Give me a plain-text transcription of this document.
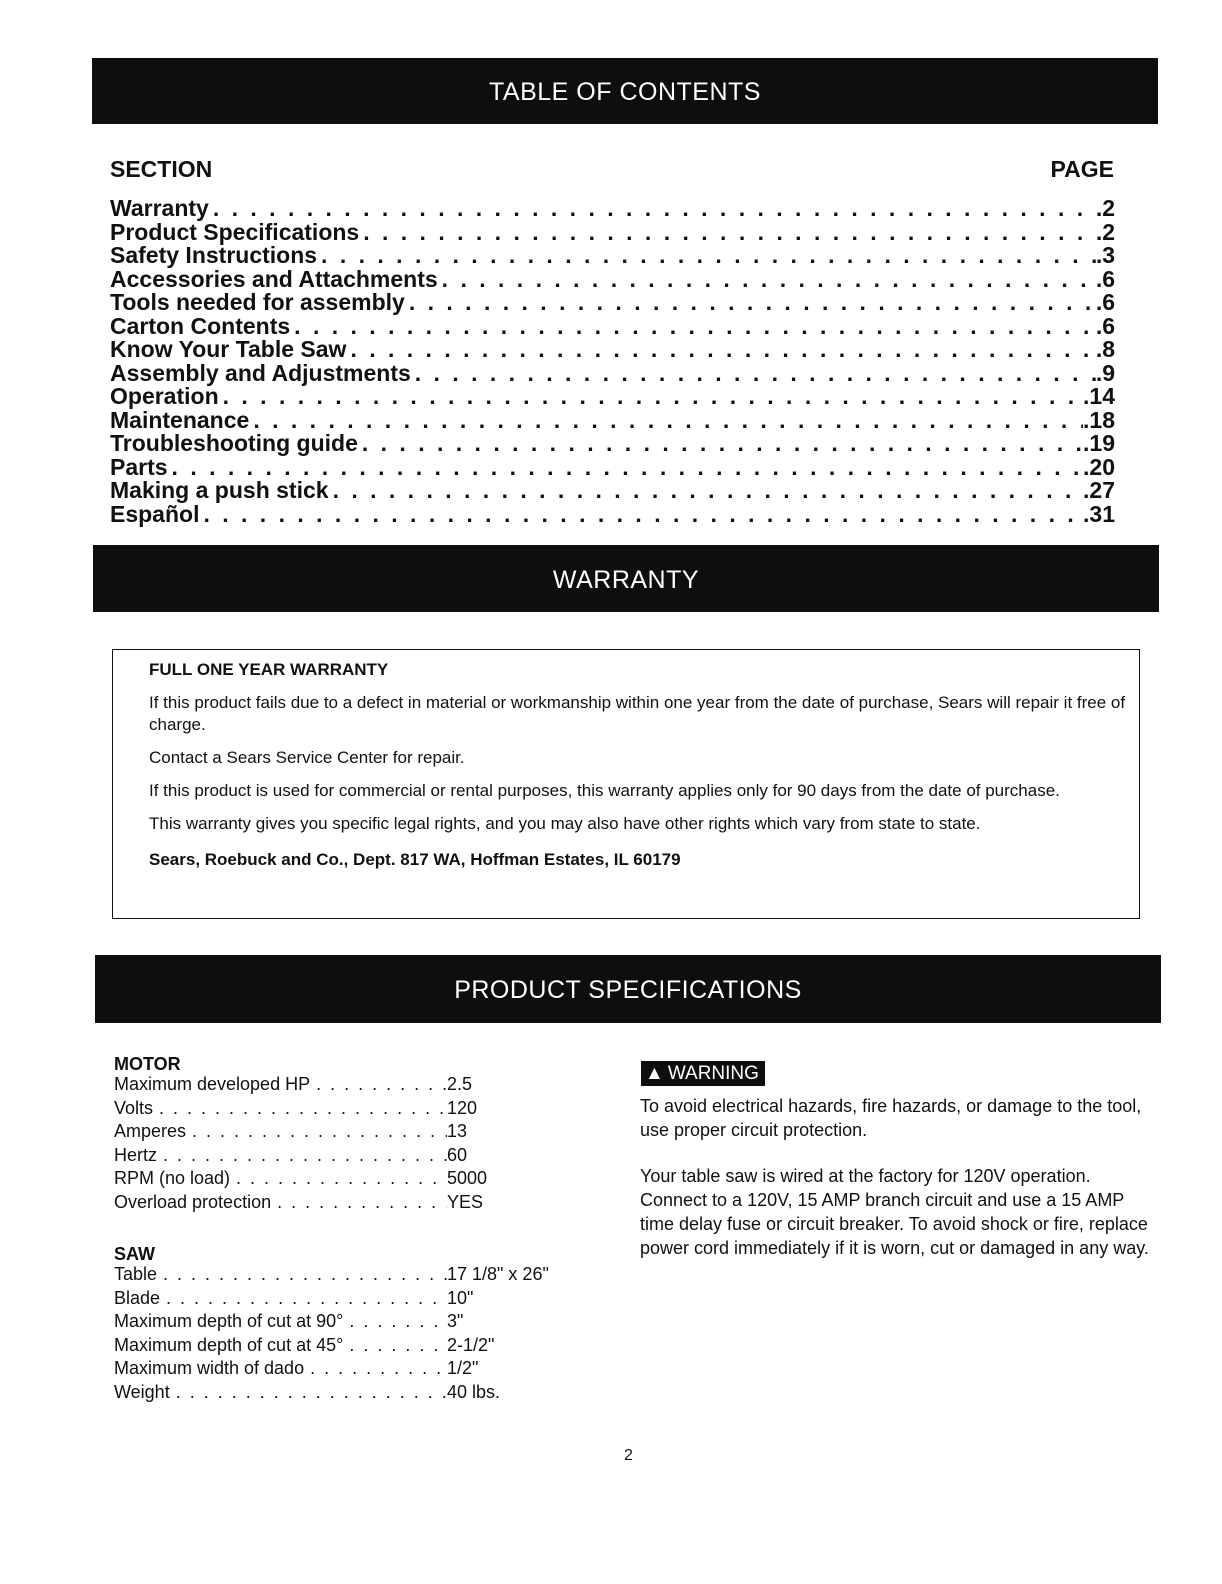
TABLE OF CONTENTS
SECTION	PAGE
Warranty . . .	.2
Product Specifications . . .	.2
Safety Instructions . . .	.3
Accessories and Attachments . . .	.6
Tools needed for assembly . . .	.6
Carton Contents . . .	.6
Know Your Table Saw . . .	.8
Assembly and Adjustments . . .	.9
Operation . . .	.14
Maintenance . . .	.18
Troubleshooting guide . . .	.19
Parts . . .	.20
Making a push stick . . .	.27
Español . . .	.31
WARRANTY
FULL ONE YEAR WARRANTY

If this product fails due to a defect in material or workmanship within one year from the date of purchase, Sears will repair it free of charge.

Contact a Sears Service Center for repair.

If this product is used for commercial or rental purposes, this warranty applies only for 90 days from the date of purchase.

This warranty gives you specific legal rights, and you may also have other rights which vary from state to state.

Sears, Roebuck and Co., Dept. 817 WA, Hoffman Estates, IL 60179
PRODUCT SPECIFICATIONS
MOTOR
Maximum developed HP . . .	2.5
Volts . . .	120
Amperes . . .	13
Hertz . . .	60
RPM (no load) . . .	5000
Overload protection . . .	YES
SAW
Table . . .	17 1/8" x 26"
Blade . . .	10"
Maximum depth of cut at 90° . . .	3"
Maximum depth of cut at 45° . . .	2-1/2"
Maximum width of dado . . .	1/2"
Weight . . .	40 lbs.
▲ WARNING
To avoid electrical hazards, fire hazards, or damage to the tool, use proper circuit protection.
Your table saw is wired at the factory for 120V operation. Connect to a 120V, 15 AMP branch circuit and use a 15 AMP time delay fuse or circuit breaker. To avoid shock or fire, replace power cord immediately if it is worn, cut or damaged in any way.
2
